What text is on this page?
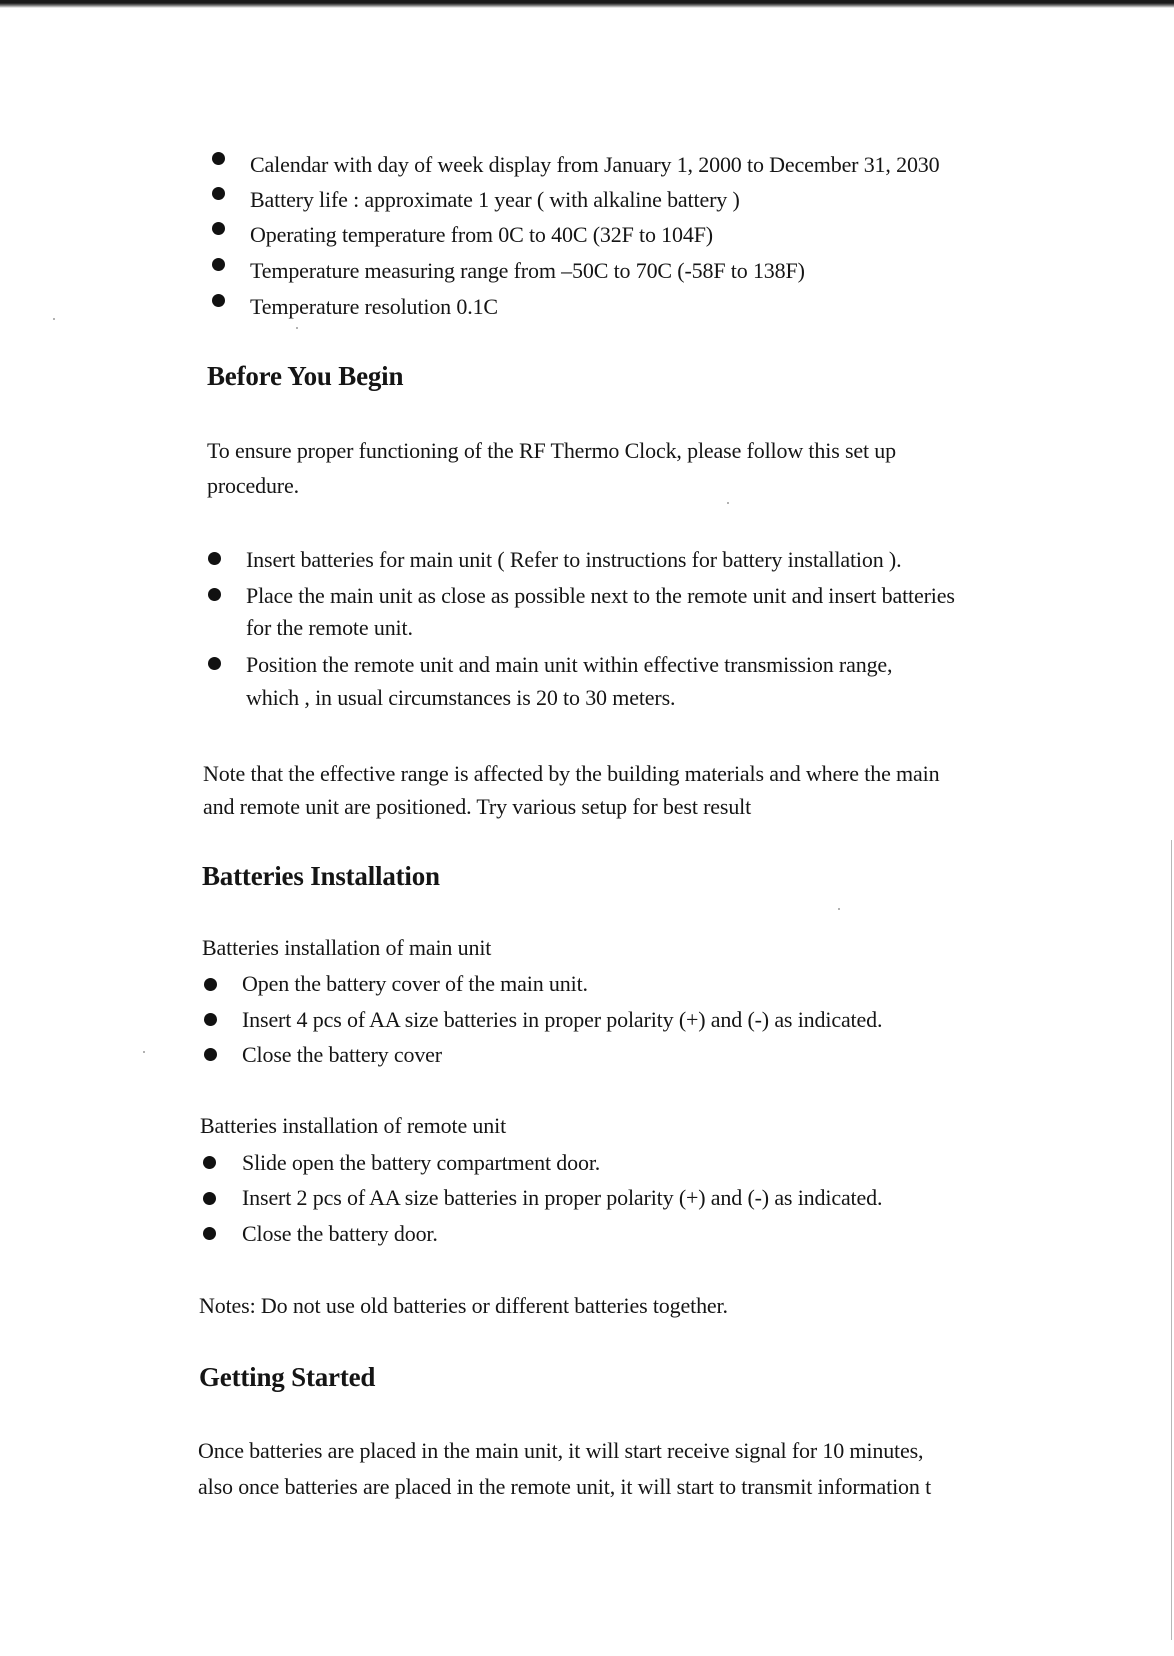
Calendar with day of week display from January 1, 2000 to December 31, 2030
Battery life : approximate 1 year ( with alkaline battery )
Operating temperature from 0C to 40C (32F to 104F)
Temperature measuring range from –50C to 70C (-58F to 138F)
Temperature resolution 0.1C
Before You Begin
To ensure proper functioning of the RF Thermo Clock, please follow this set up
procedure.
Insert batteries for main unit ( Refer to instructions for battery installation ).
Place the main unit as close as possible next to the remote unit and insert batteries
for the remote unit.
Position the remote unit and main unit within effective transmission range,
which , in usual circumstances is 20 to 30 meters.
Note that the effective range is affected by the building materials and where the main
and remote unit are positioned. Try various setup for best result
Batteries Installation
Batteries installation of main unit
Open the battery cover of the main unit.
Insert 4 pcs of AA size batteries in proper polarity (+) and (-) as indicated.
Close the battery cover
Batteries installation of remote unit
Slide open the battery compartment door.
Insert 2 pcs of AA size batteries in proper polarity (+) and (-) as indicated.
Close the battery door.
Notes: Do not use old batteries or different batteries together.
Getting Started
Once batteries are placed in the main unit, it will start receive signal for 10 minutes,
also once batteries are placed in the remote unit, it will start to transmit information t
